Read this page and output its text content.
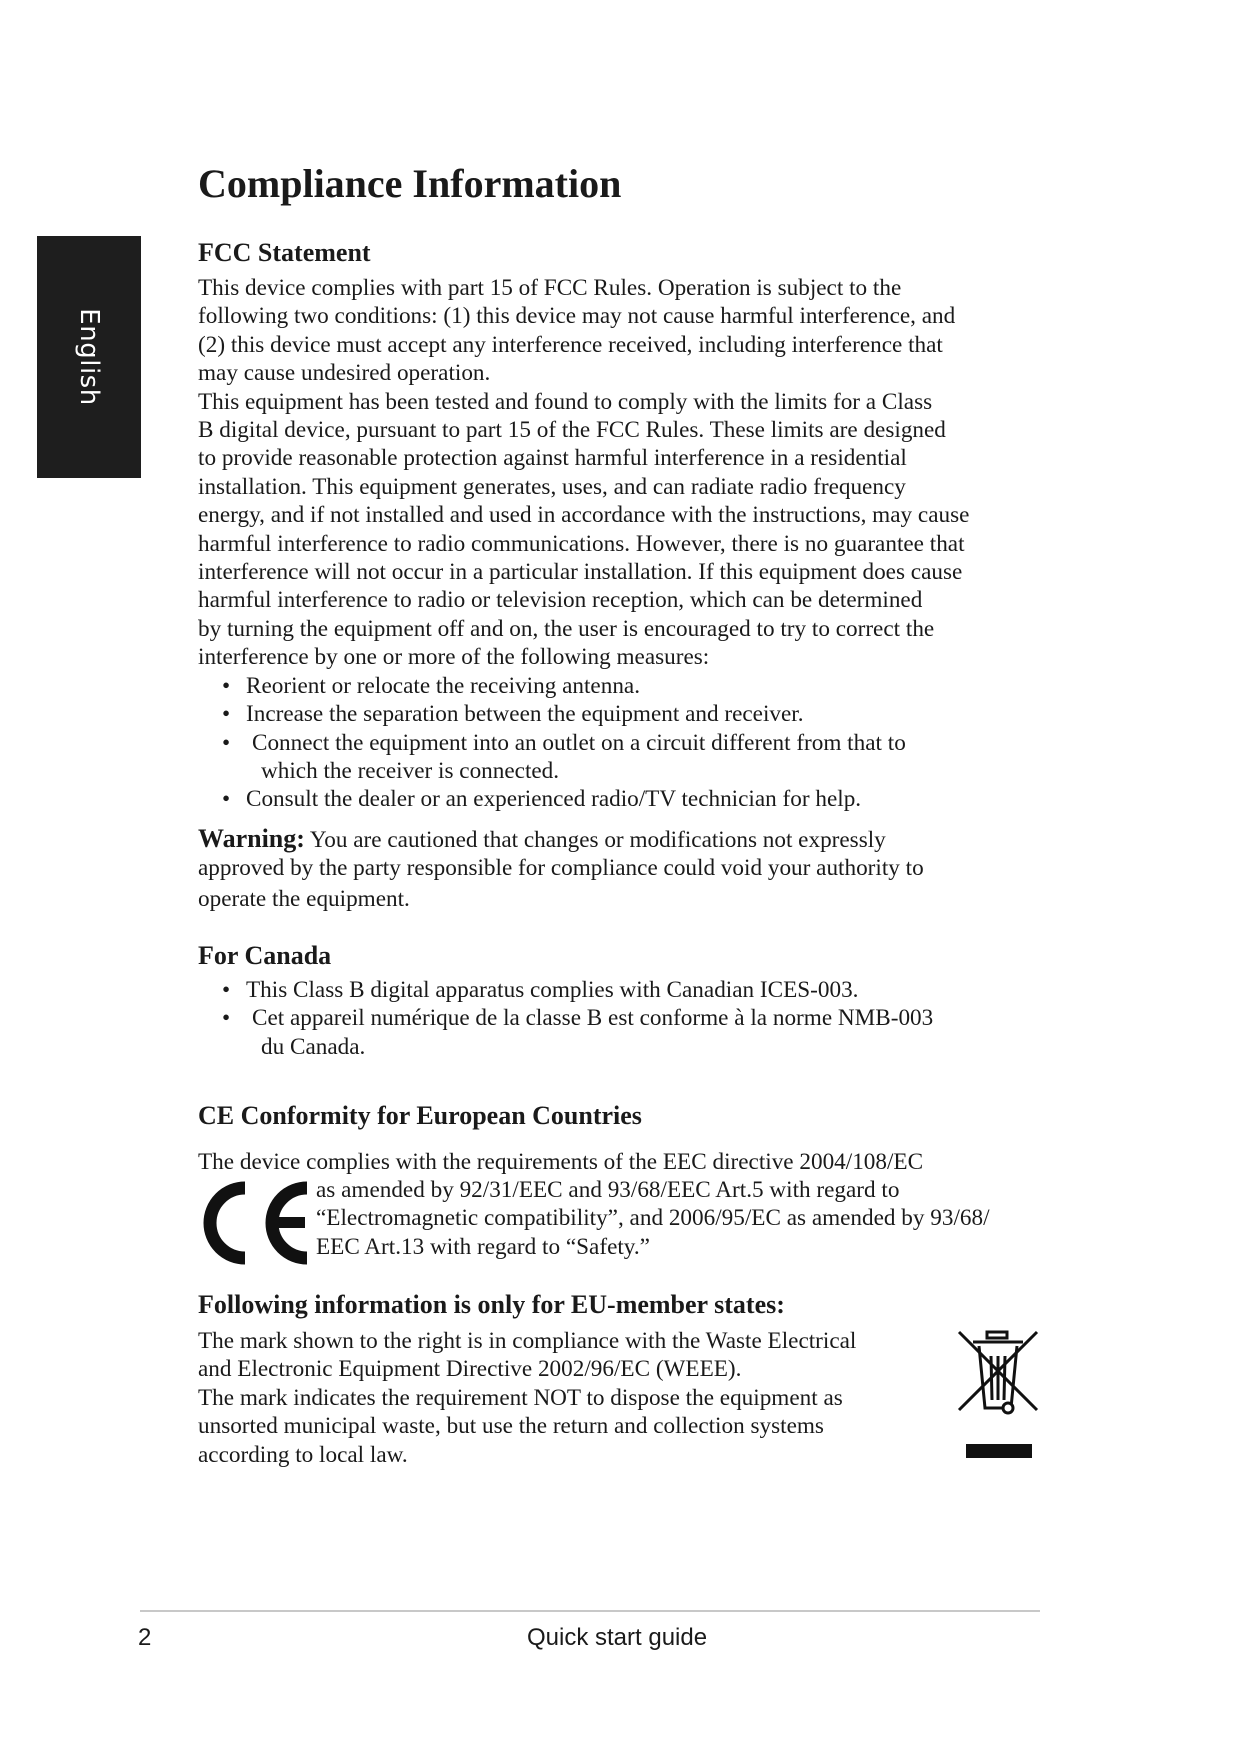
English
Compliance Information
FCC Statement

This device complies with part 15 of FCC Rules. Operation is subject to the

following two conditions: (1) this device may not cause harmful interference, and

(2) this device must accept any interference received, including interference that

may cause undesired operation.

This equipment has been tested and found to comply with the limits for a Class

B digital device, pursuant to part 15 of the FCC Rules. These limits are designed

to provide reasonable protection against harmful interference in a residential

installation. This equipment generates, uses, and can radiate radio frequency

energy, and if not installed and used in accordance with the instructions, may cause

harmful interference to radio communications. However, there is no guarantee that

interference will not occur in a particular installation. If this equipment does cause

harmful interference to radio or television reception, which can be determined

by turning the equipment off and on, the user is encouraged to try to correct the

interference by one or more of the following measures:

• Reorient or relocate the receiving antenna.
• Increase the separation between the equipment and receiver.
• Connect the equipment into an outlet on a circuit different from that to
which the receiver is connected.
• Consult the dealer or an experienced radio/TV technician for help.

Warning: You are cautioned that changes or modifications not expressly

approved by the party responsible for compliance could void your authority to

operate the equipment.

For Canada
• This Class B digital apparatus complies with Canadian ICES-003.
• Cet appareil numérique de la classe B est conforme à la norme NMB-003
du Canada.
CE Conformity for European Countries
The device complies with the requirements of the EEC directive 2004/108/EC
as amended by 92/31/EEC and 93/68/EEC Art.5 with regard to
“Electromagnetic compatibility”, and 2006/95/EC as amended by 93/68/
EEC Art.13 with regard to “Safety.”
Following information is only for EU-member states:
The mark shown to the right is in compliance with the Waste Electrical
and Electronic Equipment Directive 2002/96/EC (WEEE).
The mark indicates the requirement NOT to dispose the equipment as
unsorted municipal waste, but use the return and collection systems
according to local law.
2	Quick start guide
